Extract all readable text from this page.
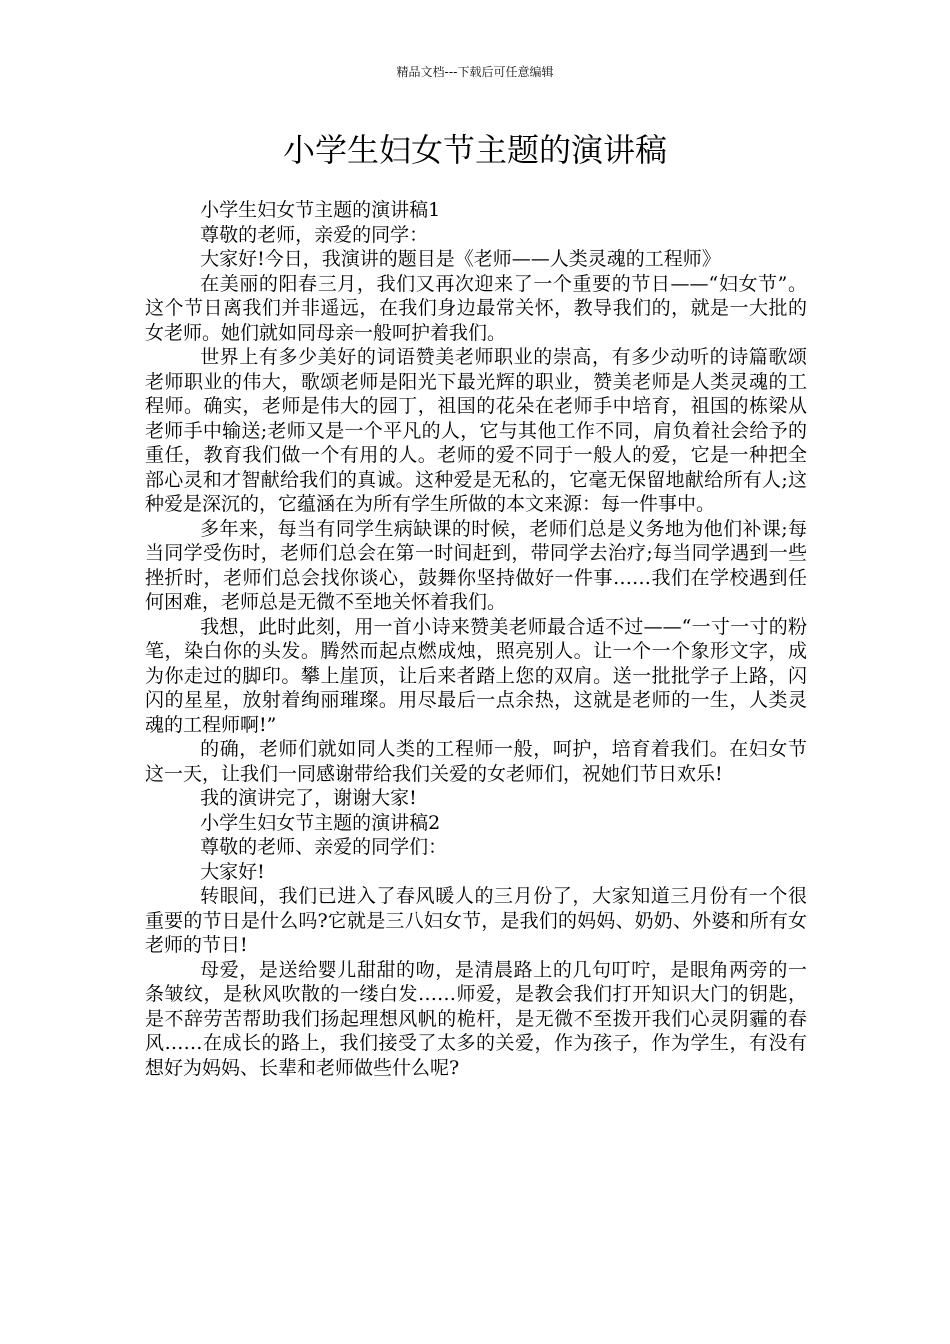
精品文档---下载后可任意编辑
小学生妇女节主题的演讲稿

小学生妇女节主题的演讲稿1

尊敬的老师，亲爱的同学：

大家好!今日，我演讲的题目是《老师——人类灵魂的工程师》

在美丽的阳春三月，我们又再次迎来了一个重要的节日——“妇女节”。这个节日离我们并非遥远，在我们身边最常关怀，教导我们的，就是一大批的女老师。她们就如同母亲一般呵护着我们。

世界上有多少美好的词语赞美老师职业的崇高，有多少动听的诗篇歌颂老师职业的伟大，歌颂老师是阳光下最光辉的职业，赞美老师是人类灵魂的工程师。确实，老师是伟大的园丁，祖国的花朵在老师手中培育，祖国的栋梁从老师手中输送;老师又是一个平凡的人，它与其他工作不同，肩负着社会给予的重任，教育我们做一个有用的人。老师的爱不同于一般人的爱，它是一种把全部心灵和才智献给我们的真诚。这种爱是无私的，它毫无保留地献给所有人;这种爱是深沉的，它蕴涵在为所有学生所做的本文来源：每一件事中。

多年来，每当有同学生病缺课的时候，老师们总是义务地为他们补课;每当同学受伤时，老师们总会在第一时间赶到，带同学去治疗;每当同学遇到一些挫折时，老师们总会找你谈心，鼓舞你坚持做好一件事……我们在学校遇到任何困难，老师总是无微不至地关怀着我们。

我想，此时此刻，用一首小诗来赞美老师最合适不过——“一寸一寸的粉笔，染白你的头发。腾然而起点燃成烛，照亮别人。让一个一个象形文字，成为你走过的脚印。攀上崖顶，让后来者踏上您的双肩。送一批批学子上路，闪闪的星星，放射着绚丽璀璨。用尽最后一点余热，这就是老师的一生，人类灵魂的工程师啊!”

的确，老师们就如同人类的工程师一般，呵护，培育着我们。在妇女节这一天，让我们一同感谢带给我们关爱的女老师们，祝她们节日欢乐!

我的演讲完了，谢谢大家!

小学生妇女节主题的演讲稿2

尊敬的老师、亲爱的同学们：

大家好!

转眼间，我们已进入了春风暖人的三月份了，大家知道三月份有一个很重要的节日是什么吗?它就是三八妇女节，是我们的妈妈、奶奶、外婆和所有女老师的节日!

母爱，是送给婴儿甜甜的吻，是清晨路上的几句叮咛，是眼角两旁的一条皱纹，是秋风吹散的一缕白发……师爱，是教会我们打开知识大门的钥匙，是不辞劳苦帮助我们扬起理想风帆的桅杆，是无微不至拨开我们心灵阴霾的春风……在成长的路上，我们接受了太多的关爱，作为孩子，作为学生，有没有想好为妈妈、长辈和老师做些什么呢?
